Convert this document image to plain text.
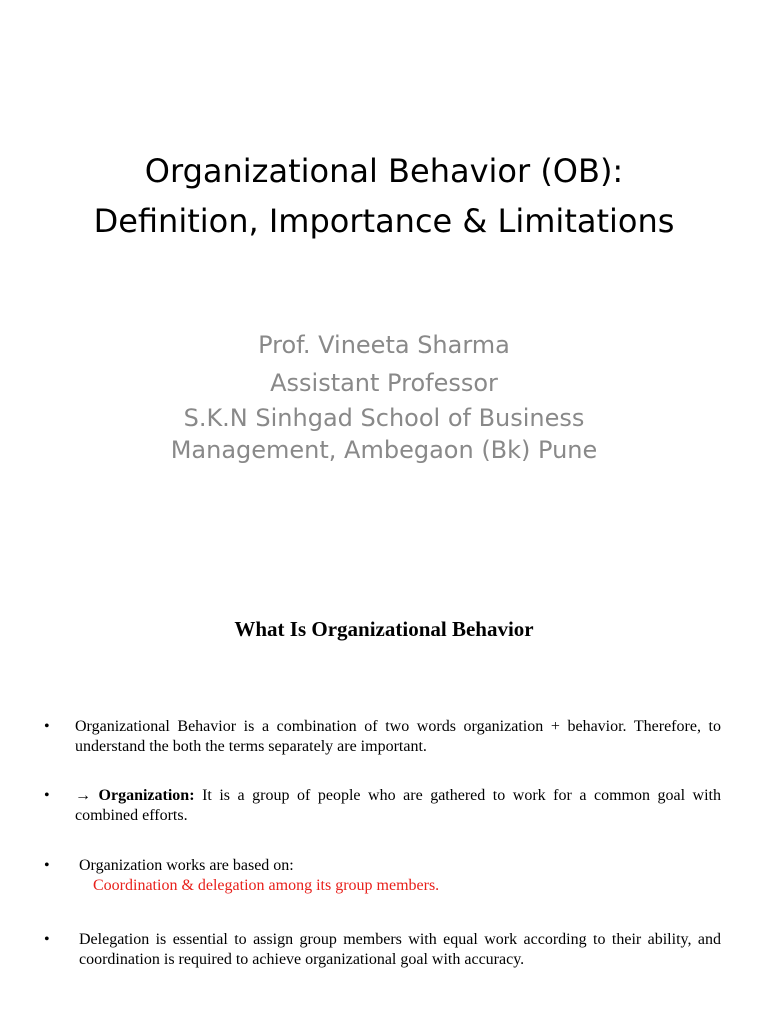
Organizational Behavior (OB):
Definition, Importance & Limitations
Prof. Vineeta Sharma
Assistant Professor
S.K.N Sinhgad School of Business
Management, Ambegaon (Bk) Pune
What Is Organizational Behavior
• Organizational Behavior is a combination of two words organization + behavior. Therefore, to understand the both the terms separately are important.
• → Organization: It is a group of people who are gathered to work for a common goal with combined efforts.
• Organization works are based on:
Coordination & delegation among its group members.
• Delegation is essential to assign group members with equal work according to their ability, and coordination is required to achieve organizational goal with accuracy.
